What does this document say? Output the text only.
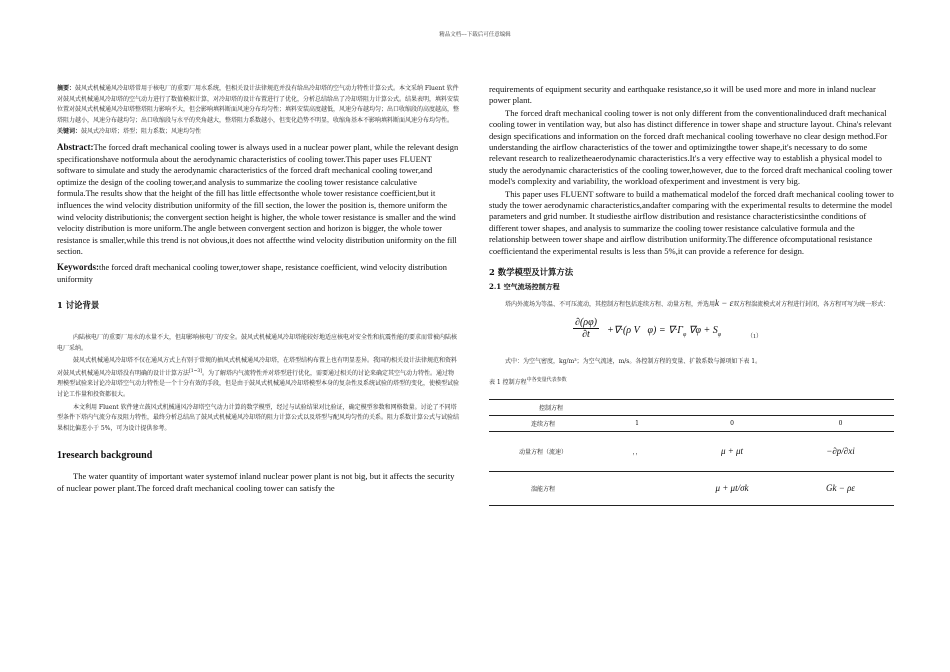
精品文档---下载后可任意编辑

摘要：鼓风式机械通风冷却塔常用于核电厂的重要厂用水系统，但相关设计法律规范并没有给出冷却塔的空气动力特性计算公式。本文采纳 Fluent 软件对鼓风式机械通风冷却塔的空气动力进行了数值模拟计算，对冷却塔的设计布置进行了优化，分析总结给出了冷却塔阻力计算公式。结果表明，填料安装位置对鼓风式机械通风冷却塔整塔阻力影响不大，但会影响填料断面风速分布均匀性；填料安装高度越低，风速分布越均匀；出口收缩段的高度越高，整塔阻力越小，风速分布越均匀；出口收缩段与水平的夹角越大，整塔阻力系数越小，但变化趋势不明显，收缩角基本不影响填料断面风速分布均匀性。

关键词：鼓风式冷却塔；塔型；阻力系数；风速均匀性

Abstract:The forced draft mechanical cooling tower is always used in a nuclear power plant, while the relevant design specificationshave notformula about the aerodynamic characteristics of cooling tower.This paper uses FLUENT software to simulate and study the aerodynamic characteristics of the forced draft mechanical cooling tower,and optimize the design of the cooling tower,and analysis to summarize the cooling tower resistance calculative formula.The results show that the height of the fill has little effectsonthe whole tower resistance coefficient,but it influences the wind velocity distribution uniformity of the fill section, the lower the position is, themore uniform the wind velocity distributionis; the convergent section height is higher, the whole tower resistance is smaller and the wind velocity distribution is more uniform.The angle between convergent section and horizon is bigger, the whole tower resistance is smaller,while this trend is not obvious,it does not affectthe wind velocity distribution uniformity on the fill section.

Keywords:the forced draft mechanical cooling tower,tower shape, resistance coefficient, wind velocity distribution uniformity

1 讨论背景

内陆核电厂的重要厂用水的水量不大，但却影响核电厂的安全。鼓风式机械通风冷却塔能较好地适应核电对安全性和抗震性能的要求而常被内陆核电厂采纳。

鼓风式机械通风冷却塔不仅在通风方式上有别于常规的抽风式机械通风冷却塔，在塔型结构布置上也有明显差异。我国的相关设计法律规范和资料对鼓风式机械通风冷却塔没有明确的设计计算方法[1~3]。为了解塔内气流特性并对塔型进行优化，需要通过相关的讨论来确定其空气动力特性。通过物理模型试验来讨论冷却塔空气动力特性是一个十分有效的手段，但是由于鼓风式机械通风冷却塔模型本身的复杂性及系统试验的塔型的变化，使模型试验讨论工作量和投资都很大。

本文利用 Fluent 软件建立鼓风式机械通风冷却塔空气动力计算的数学模型，经过与试验结果对比验证，确定模型参数和网格数量。讨论了不同塔型条件下塔内气流分布及阻力特性，最终分析总结出了鼓风式机械通风冷却塔的阻力计算公式以及塔型与配风均匀性的关系。阻力系数计算公式与试验结果相比偏差小于 5%，可为设计提供参考。

1research background

The water quantity of important water systemof inland nuclear power plant is not big, but it affects the security of nuclear power plant.The forced draft mechanical cooling tower can satisfy the

requirements of equipment security and earthquake resistance,so it will be used more and more in inland nuclear power plant.

The forced draft mechanical cooling tower is not only different from the conventionalinduced draft mechanical cooling tower in ventilation way, but also has distinct difference in tower shape and structure layout. China's relevant design specifications and information on the forced draft mechanical cooling towerhave no clear design method.For understanding the airflow characteristics of the tower and optimizingthe tower shape,it's necessary to do some relevant research to realizetheaerodynamic characteristics.It's a very effective way to establish a physical model to study the aerodynamic characteristics of the cooling tower,however, due to the forced draft mechanical cooling tower model's complexity and variability, the workload ofexperiment and investment is very big.

This paper uses FLUENT software to build a mathematical modelof the forced draft mechanical cooling tower to study the tower aerodynamic characteristics,andafter comparing with the experimental results to determine the model parameters and grid number. It studiesthe airflow distribution and resistance characteristicsinthe conditions of different tower shapes, and analysis to summarize the cooling tower resistance calculative formula and the relationship between tower shape and airflow distribution uniformity.The difference ofcomputational resistance coefficientand the experimental results is less than 5%,it can provide a reference for design.

2 数学模型及计算方法
2.1 空气流场控制方程

塔内外流场为等温、不可压流动，其控制方程包括连续方程、动量方程，并选用k − ε双方程湍流模式对方程进行封闭，各方程可写为统一形式：

$\frac{\partial(\rho\varphi)}{\partial t} +\nabla\cdot(\rho$ V⃗φ) = $\nabla\cdot\Gamma_\varphi$ $\nabla\varphi + S_\varphi$	（1）

式中：为空气密度，kg/m³；为空气流速，m/s。各控制方程的变量、扩散系数与源项如下表 1。

表 1 控制方程$^{中各变量代表参数}$

控制方程			
连续方程	1	0	0
动量方程（流速）	，，	μ + μt	−∂p/∂xi
湍能方程		μ + μt/σk	Gk − ρε
